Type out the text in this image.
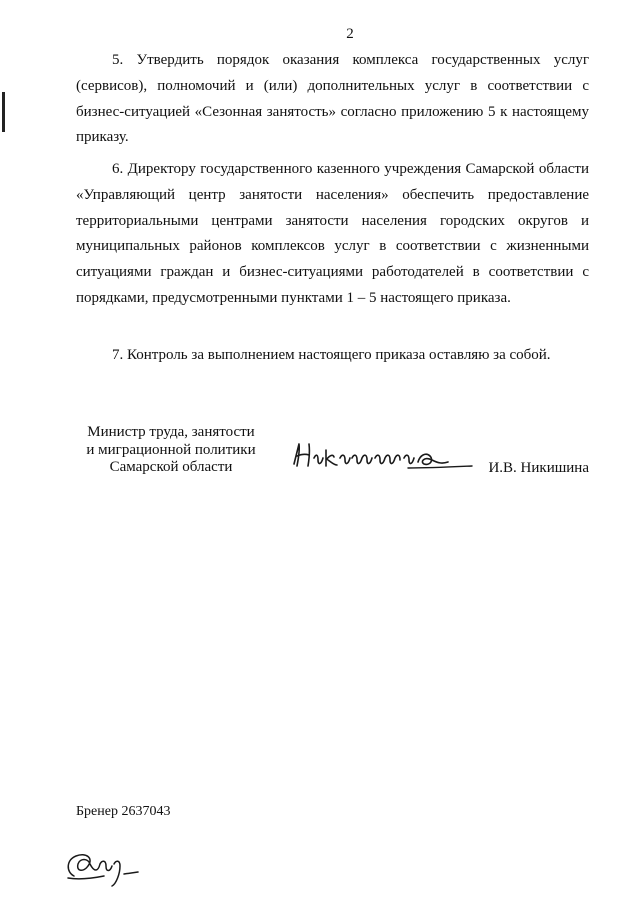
2
5. Утвердить порядок оказания комплекса государственных услуг (сервисов), полномочий и (или) дополнительных услуг в соответствии с бизнес-ситуацией «Сезонная занятость» согласно приложению 5 к настоящему приказу.
6. Директору государственного казенного учреждения Самарской области «Управляющий центр занятости населения» обеспечить предоставление территориальными центрами занятости населения городских округов и муниципальных районов комплексов услуг в соответствии с жизненными ситуациями граждан и бизнес-ситуациями работодателей в соответствии с порядками, предусмотренными пунктами 1 – 5 настоящего приказа.
7. Контроль за выполнением настоящего приказа оставляю за собой.
Министр труда, занятости
и миграционной политики
Самарской области	И.В. Никишина
Бренер 2637043
